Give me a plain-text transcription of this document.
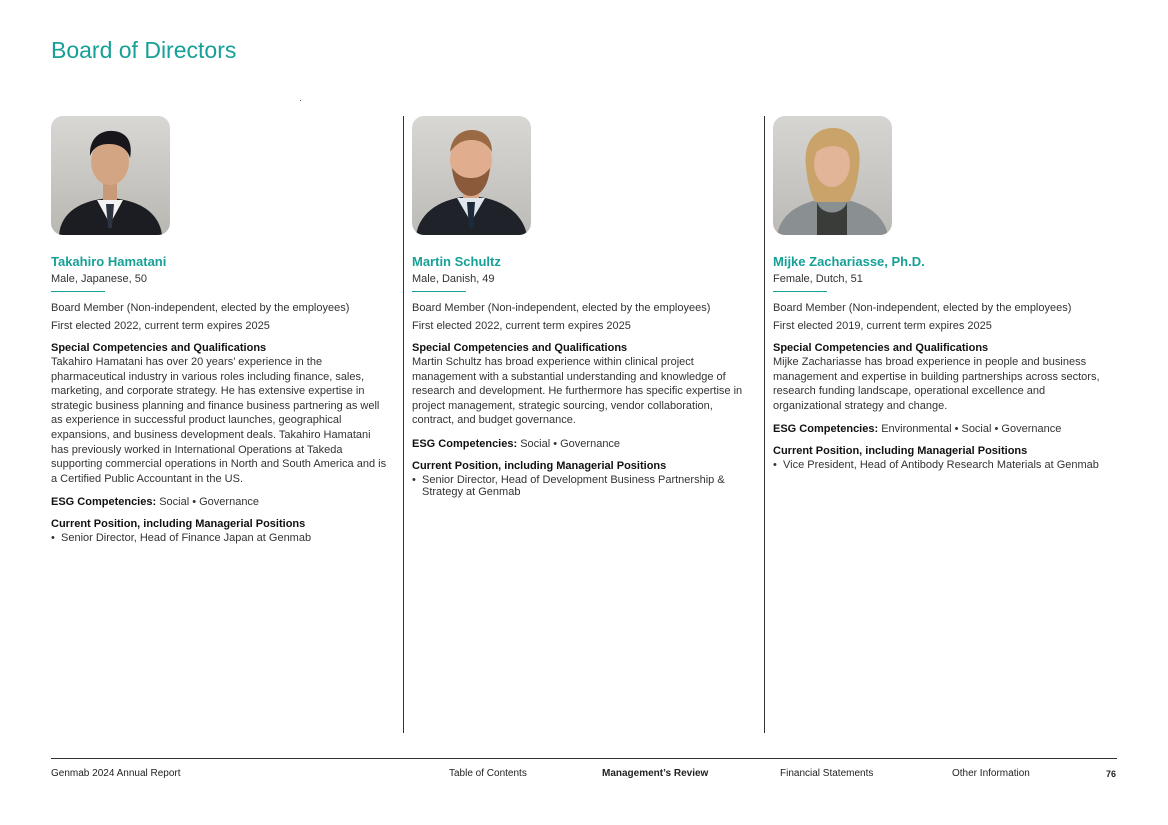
Board of Directors
Takahiro Hamatani
Male, Japanese, 50
Board Member (Non-independent, elected by the employees)
First elected 2022, current term expires 2025
Special Competencies and Qualifications
Takahiro Hamatani has over 20 years’ experience in the pharmaceutical industry in various roles including finance, sales, marketing, and corporate strategy. He has extensive expertise in strategic business planning and finance business partnering as well as experience in successful product launches, geographical expansions, and business development deals. Takahiro Hamatani has previously worked in International Operations at Takeda supporting commercial operations in North and South America and is a Certified Public Accountant in the US.
ESG Competencies: Social • Governance
Current Position, including Managerial Positions
• Senior Director, Head of Finance Japan at Genmab
Martin Schultz
Male, Danish, 49
Board Member (Non-independent, elected by the employees)
First elected 2022, current term expires 2025
Special Competencies and Qualifications
Martin Schultz has broad experience within clinical project management with a substantial understanding and knowledge of research and development. He furthermore has specific expertise in project management, strategic sourcing, vendor collaboration, contract, and budget governance.
ESG Competencies: Social • Governance
Current Position, including Managerial Positions
• Senior Director, Head of Development Business Partnership & Strategy at Genmab
Mijke Zachariasse, Ph.D.
Female, Dutch, 51
Board Member (Non-independent, elected by the employees)
First elected 2019, current term expires 2025
Special Competencies and Qualifications
Mijke Zachariasse has broad experience in people and business management and expertise in building partnerships across sectors, research funding landscape, operational excellence and organizational strategy and change.
ESG Competencies: Environmental • Social • Governance
Current Position, including Managerial Positions
• Vice President, Head of Antibody Research Materials at Genmab
Genmab 2024 Annual Report	Table of Contents	Management’s Review	Financial Statements	Other Information	76
